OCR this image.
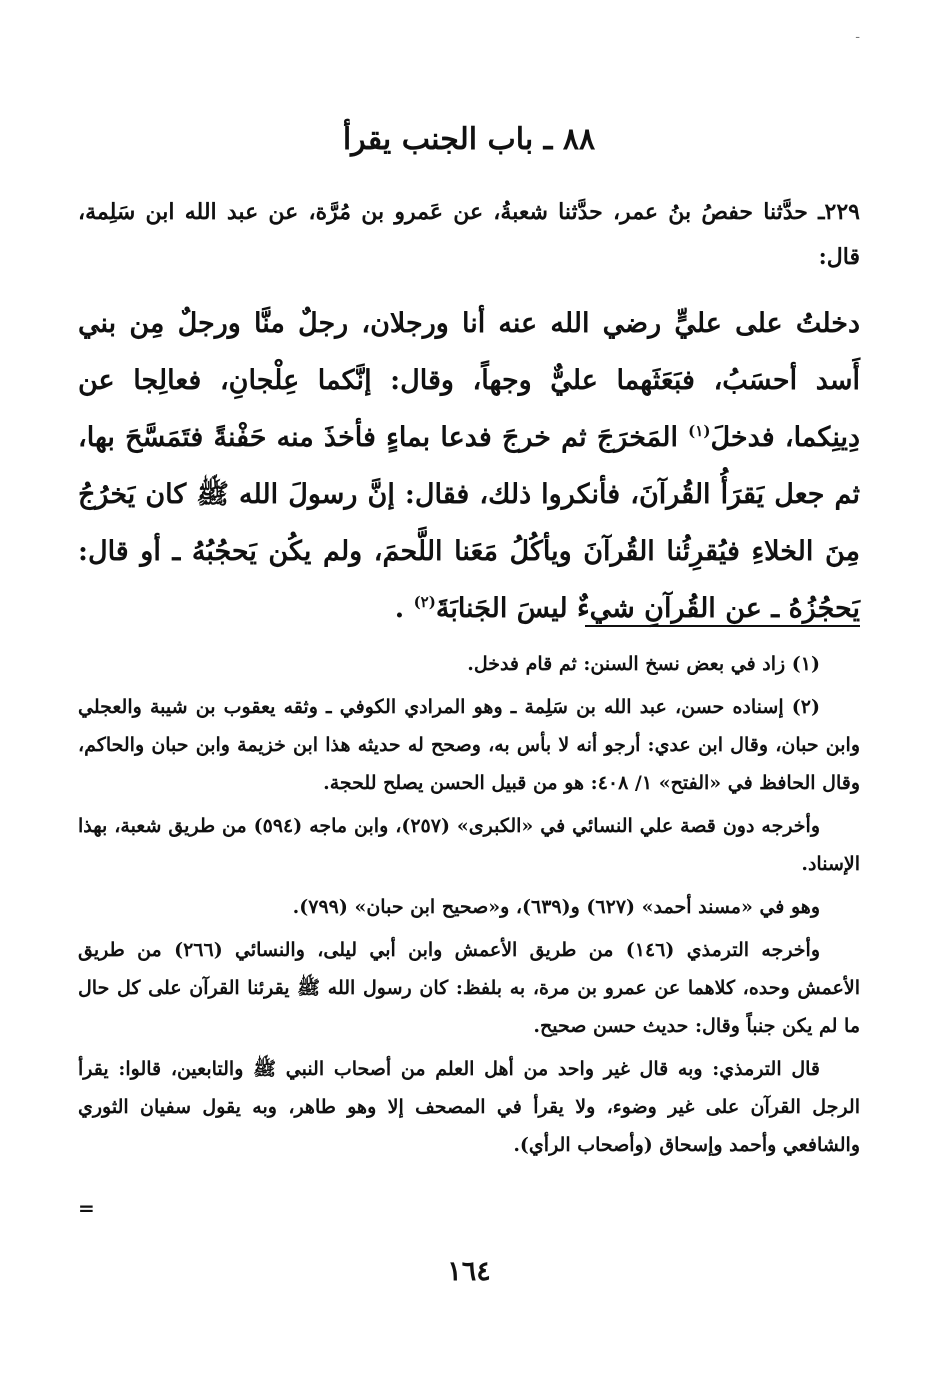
-
٨٨ ـ باب الجنب يقرأ
٢٢٩ـ حدَّثنا حفصُ بنُ عمر، حدَّثنا شعبةُ، عن عَمرو بن مُرَّة، عن عبد الله ابن سَلِمة، قال:
دخلتُ على عليٍّ رضي الله عنه أنا ورجلان، رجلٌ منَّا ورجلٌ مِن بني أَسد أحسَبُ، فبَعَثَهما عليٌّ وجهاً، وقال: إنَّكما عِلْجانِ، فعالِجا عن دِينِكما، فدخلَ$^{(١)}$ المَخرَجَ ثم خرجَ فدعا بماءٍ فأخذَ منه حَفْنةً فتَمَسَّحَ بها، ثم جعل يَقرَأُ القُرآنَ، فأنكروا ذلك، فقال: إنَّ رسولَ الله ﷺ كان يَخرُجُ مِنَ الخلاءِ فيُقرِئُنا القُرآنَ ويأكُلُ مَعَنا اللَّحمَ، ولم يكُن يَحجُبُهُ ـ أو قال: يَحجُزُهُ ـ عن القُرآنِ شيءٌ ليسَ الجَنابَةَ$^{(٢)}$ .

(١) زاد في بعض نسخ السنن: ثم قام فدخل.

(٢) إسناده حسن، عبد الله بن سَلِمة ـ وهو المرادي الكوفي ـ وثقه يعقوب بن شيبة والعجلي وابن حبان، وقال ابن عدي: أرجو أنه لا بأس به، وصحح له حديثه هذا ابن خزيمة وابن حبان والحاكم، وقال الحافظ في «الفتح» ١/ ٤٠٨: هو من قبيل الحسن يصلح للحجة.

وأخرجه دون قصة علي النسائي في «الكبرى» (٢٥٧)، وابن ماجه (٥٩٤) من طريق شعبة، بهذا الإسناد.

وهو في «مسند أحمد» (٦٢٧) و(٦٣٩)، و«صحيح ابن حبان» (٧٩٩).

وأخرجه الترمذي (١٤٦) من طريق الأعمش وابن أبي ليلى، والنسائي (٢٦٦) من طريق الأعمش وحده، كلاهما عن عمرو بن مرة، به بلفظ: كان رسول الله ﷺ يقرئنا القرآن على كل حال ما لم يكن جنباً وقال: حديث حسن صحيح.

قال الترمذي: وبه قال غير واحد من أهل العلم من أصحاب النبي ﷺ والتابعين، قالوا: يقرأ الرجل القرآن على غير وضوء، ولا يقرأ في المصحف إلا وهو طاهر، وبه يقول سفيان الثوري والشافعي وأحمد وإسحاق (وأصحاب الرأي).

=
١٦٤
